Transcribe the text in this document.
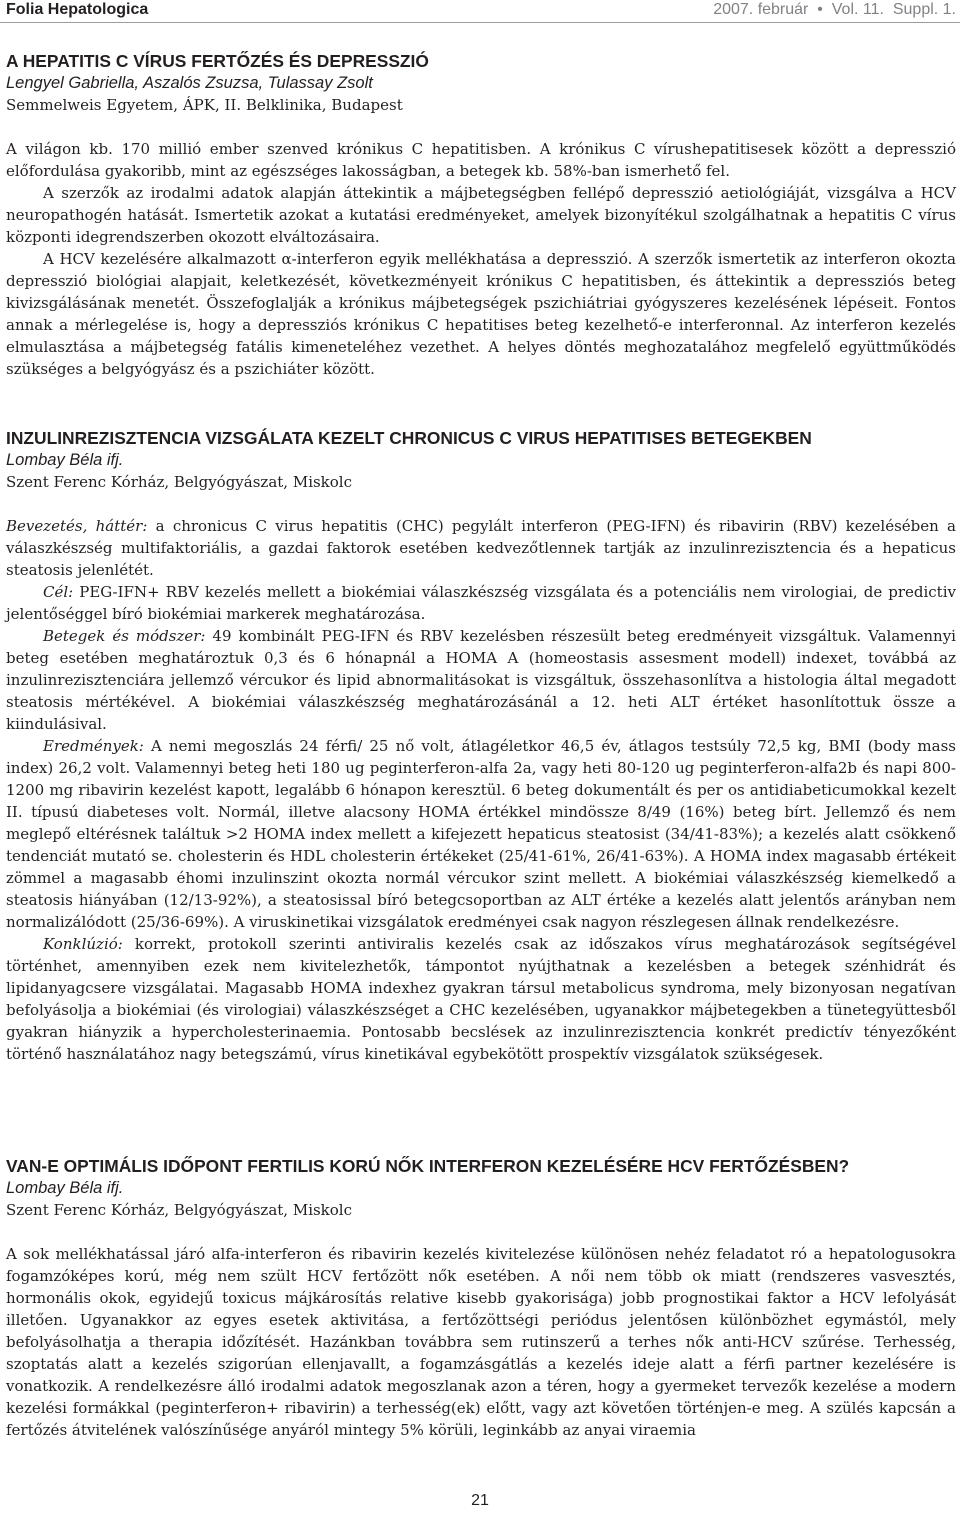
Folia Hepatologica	2007. február  •  Vol. 11.  Suppl. 1.
A HEPATITIS C VÍRUS FERTŐZÉS ÉS DEPRESSZIÓ
Lengyel Gabriella, Aszalós Zsuzsa, Tulassay Zsolt
Semmelweis Egyetem, ÁPK, II. Belklinika, Budapest

A világon kb. 170 millió ember szenved krónikus C hepatitisben. A krónikus C vírushepatitisesek között a depresszió előfordulása gyakoribb, mint az egészséges lakosságban, a betegek kb. 58%-ban ismerhető fel.

A szerzők az irodalmi adatok alapján áttekintik a májbetegségben fellépő depresszió aetiológiáját, vizsgálva a HCV neuropathogén hatását. Ismertetik azokat a kutatási eredményeket, amelyek bizonyítékul szolgálhatnak a hepatitis C vírus központi idegrendszerben okozott elváltozásaira.

A HCV kezelésére alkalmazott α-interferon egyik mellékhatása a depresszió. A szerzők ismertetik az interferon okozta depresszió biológiai alapjait, keletkezését, következményeit krónikus C hepatitisben, és áttekintik a depressziós beteg kivizsgálásának menetét. Összefoglalják a krónikus májbetegségek pszichiátriai gyógyszeres kezelésének lépéseit. Fontos annak a mérlegelése is, hogy a depressziós krónikus C hepatitises beteg kezelhető-e interferonnal. Az interferon kezelés elmulasztása a májbetegség fatális kimeneteléhez vezethet. A helyes döntés meghozatalához megfelelő együttműködés szükséges a belgyógyász és a pszichiáter között.

INZULINREZISZTENCIA VIZSGÁLATA KEZELT CHRONICUS C VIRUS HEPATITISES BETEGEKBEN
Lombay Béla ifj.
Szent Ferenc Kórház, Belgyógyászat, Miskolc

Bevezetés, háttér: a chronicus C virus hepatitis (CHC) pegylált interferon (PEG-IFN) és ribavirin (RBV) kezelésében a válaszkészség multifaktoriális, a gazdai faktorok esetében kedvezőtlennek tartják az inzulinrezisztencia és a hepaticus steatosis jelenlétét.

Cél: PEG-IFN+ RBV kezelés mellett a biokémiai válaszkészség vizsgálata és a potenciális nem virologiai, de predictiv jelentőséggel bíró biokémiai markerek meghatározása.

Betegek és módszer: 49 kombinált PEG-IFN és RBV kezelésben részesült beteg eredményeit vizsgáltuk. Valamennyi beteg esetében meghatároztuk 0,3 és 6 hónapnál a HOMA A (homeostasis assesment modell) indexet, továbbá az inzulinrezisztenciára jellemző vércukor és lipid abnormalitásokat is vizsgáltuk, összehasonlítva a histologia által megadott steatosis mértékével. A biokémiai válaszkészség meghatározásánál a 12. heti ALT értéket hasonlítottuk össze a kiindulásival.

Eredmények: A nemi megoszlás 24 férfi/ 25 nő volt, átlagéletkor 46,5 év, átlagos testsúly 72,5 kg, BMI (body mass index) 26,2 volt. Valamennyi beteg heti 180 ug peginterferon-alfa 2a, vagy heti 80-120 ug peginterferon-alfa2b és napi 800-1200 mg ribavirin kezelést kapott, legalább 6 hónapon keresztül. 6 beteg dokumentált és per os antidiabeticumokkal kezelt II. típusú diabeteses volt. Normál, illetve alacsony HOMA értékkel mindössze 8/49 (16%) beteg bírt. Jellemző és nem meglepő eltérésnek találtuk >2 HOMA index mellett a kifejezett hepaticus steatosist (34/41-83%); a kezelés alatt csökkenő tendenciát mutató se. cholesterin és HDL cholesterin értékeket (25/41-61%, 26/41-63%). A HOMA index magasabb értékeit zömmel a magasabb éhomi inzulinszint okozta normál vércukor szint mellett. A biokémiai válaszkészség kiemelkedő a steatosis hiányában (12/13-92%), a steatosissal bíró betegcsoportban az ALT értéke a kezelés alatt jelentős arányban nem normalizálódott (25/36-69%). A viruskinetikai vizsgálatok eredményei csak nagyon részlegesen állnak rendelkezésre.

Konklúzió: korrekt, protokoll szerinti antiviralis kezelés csak az időszakos vírus meghatározások segítségével történhet, amennyiben ezek nem kivitelezhetők, támpontot nyújthatnak a kezelésben a betegek szénhidrát és lipidanyagcsere vizsgálatai. Magasabb HOMA indexhez gyakran társul metabolicus syndroma, mely bizonyosan negatívan befolyásolja a biokémiai (és virologiai) válaszkészséget a CHC kezelésében, ugyanakkor májbetegekben a tünetegyüttesből gyakran hiányzik a hypercholesterinaemia. Pontosabb becslések az inzulinrezisztencia konkrét predictív tényezőként történő használatához nagy betegszámú, vírus kinetikával egybekötött prospektív vizsgálatok szükségesek.

VAN-E OPTIMÁLIS IDŐPONT FERTILIS KORÚ NŐK INTERFERON KEZELÉSÉRE HCV FERTŐZÉSBEN?
Lombay Béla ifj.
Szent Ferenc Kórház, Belgyógyászat, Miskolc

A sok mellékhatással járó alfa-interferon és ribavirin kezelés kivitelezése különösen nehéz feladatot ró a hepatologusokra fogamzóképes korú, még nem szült HCV fertőzött nők esetében. A női nem több ok miatt (rendszeres vasvesztés, hormonális okok, egyidejű toxicus májkárosítás relative kisebb gyakorisága) jobb prognostikai faktor a HCV lefolyását illetően. Ugyanakkor az egyes esetek aktivitása, a fertőzöttségi periódus jelentősen különbözhet egymástól, mely befolyásolhatja a therapia időzítését. Hazánkban továbbra sem rutinszerű a terhes nők anti-HCV szűrése. Terhesség, szoptatás alatt a kezelés szigorúan ellenjavallt, a fogamzásgátlás a kezelés ideje alatt a férfi partner kezelésére is vonatkozik. A rendelkezésre álló irodalmi adatok megoszlanak azon a téren, hogy a gyermeket tervezők kezelése a modern kezelési formákkal (peginterferon+ ribavirin) a terhesség(ek) előtt, vagy azt követően történjen-e meg. A szülés kapcsán a fertőzés átvitelének valószínűsége anyáról mintegy 5% körüli, leginkább az anyai viraemia

21
